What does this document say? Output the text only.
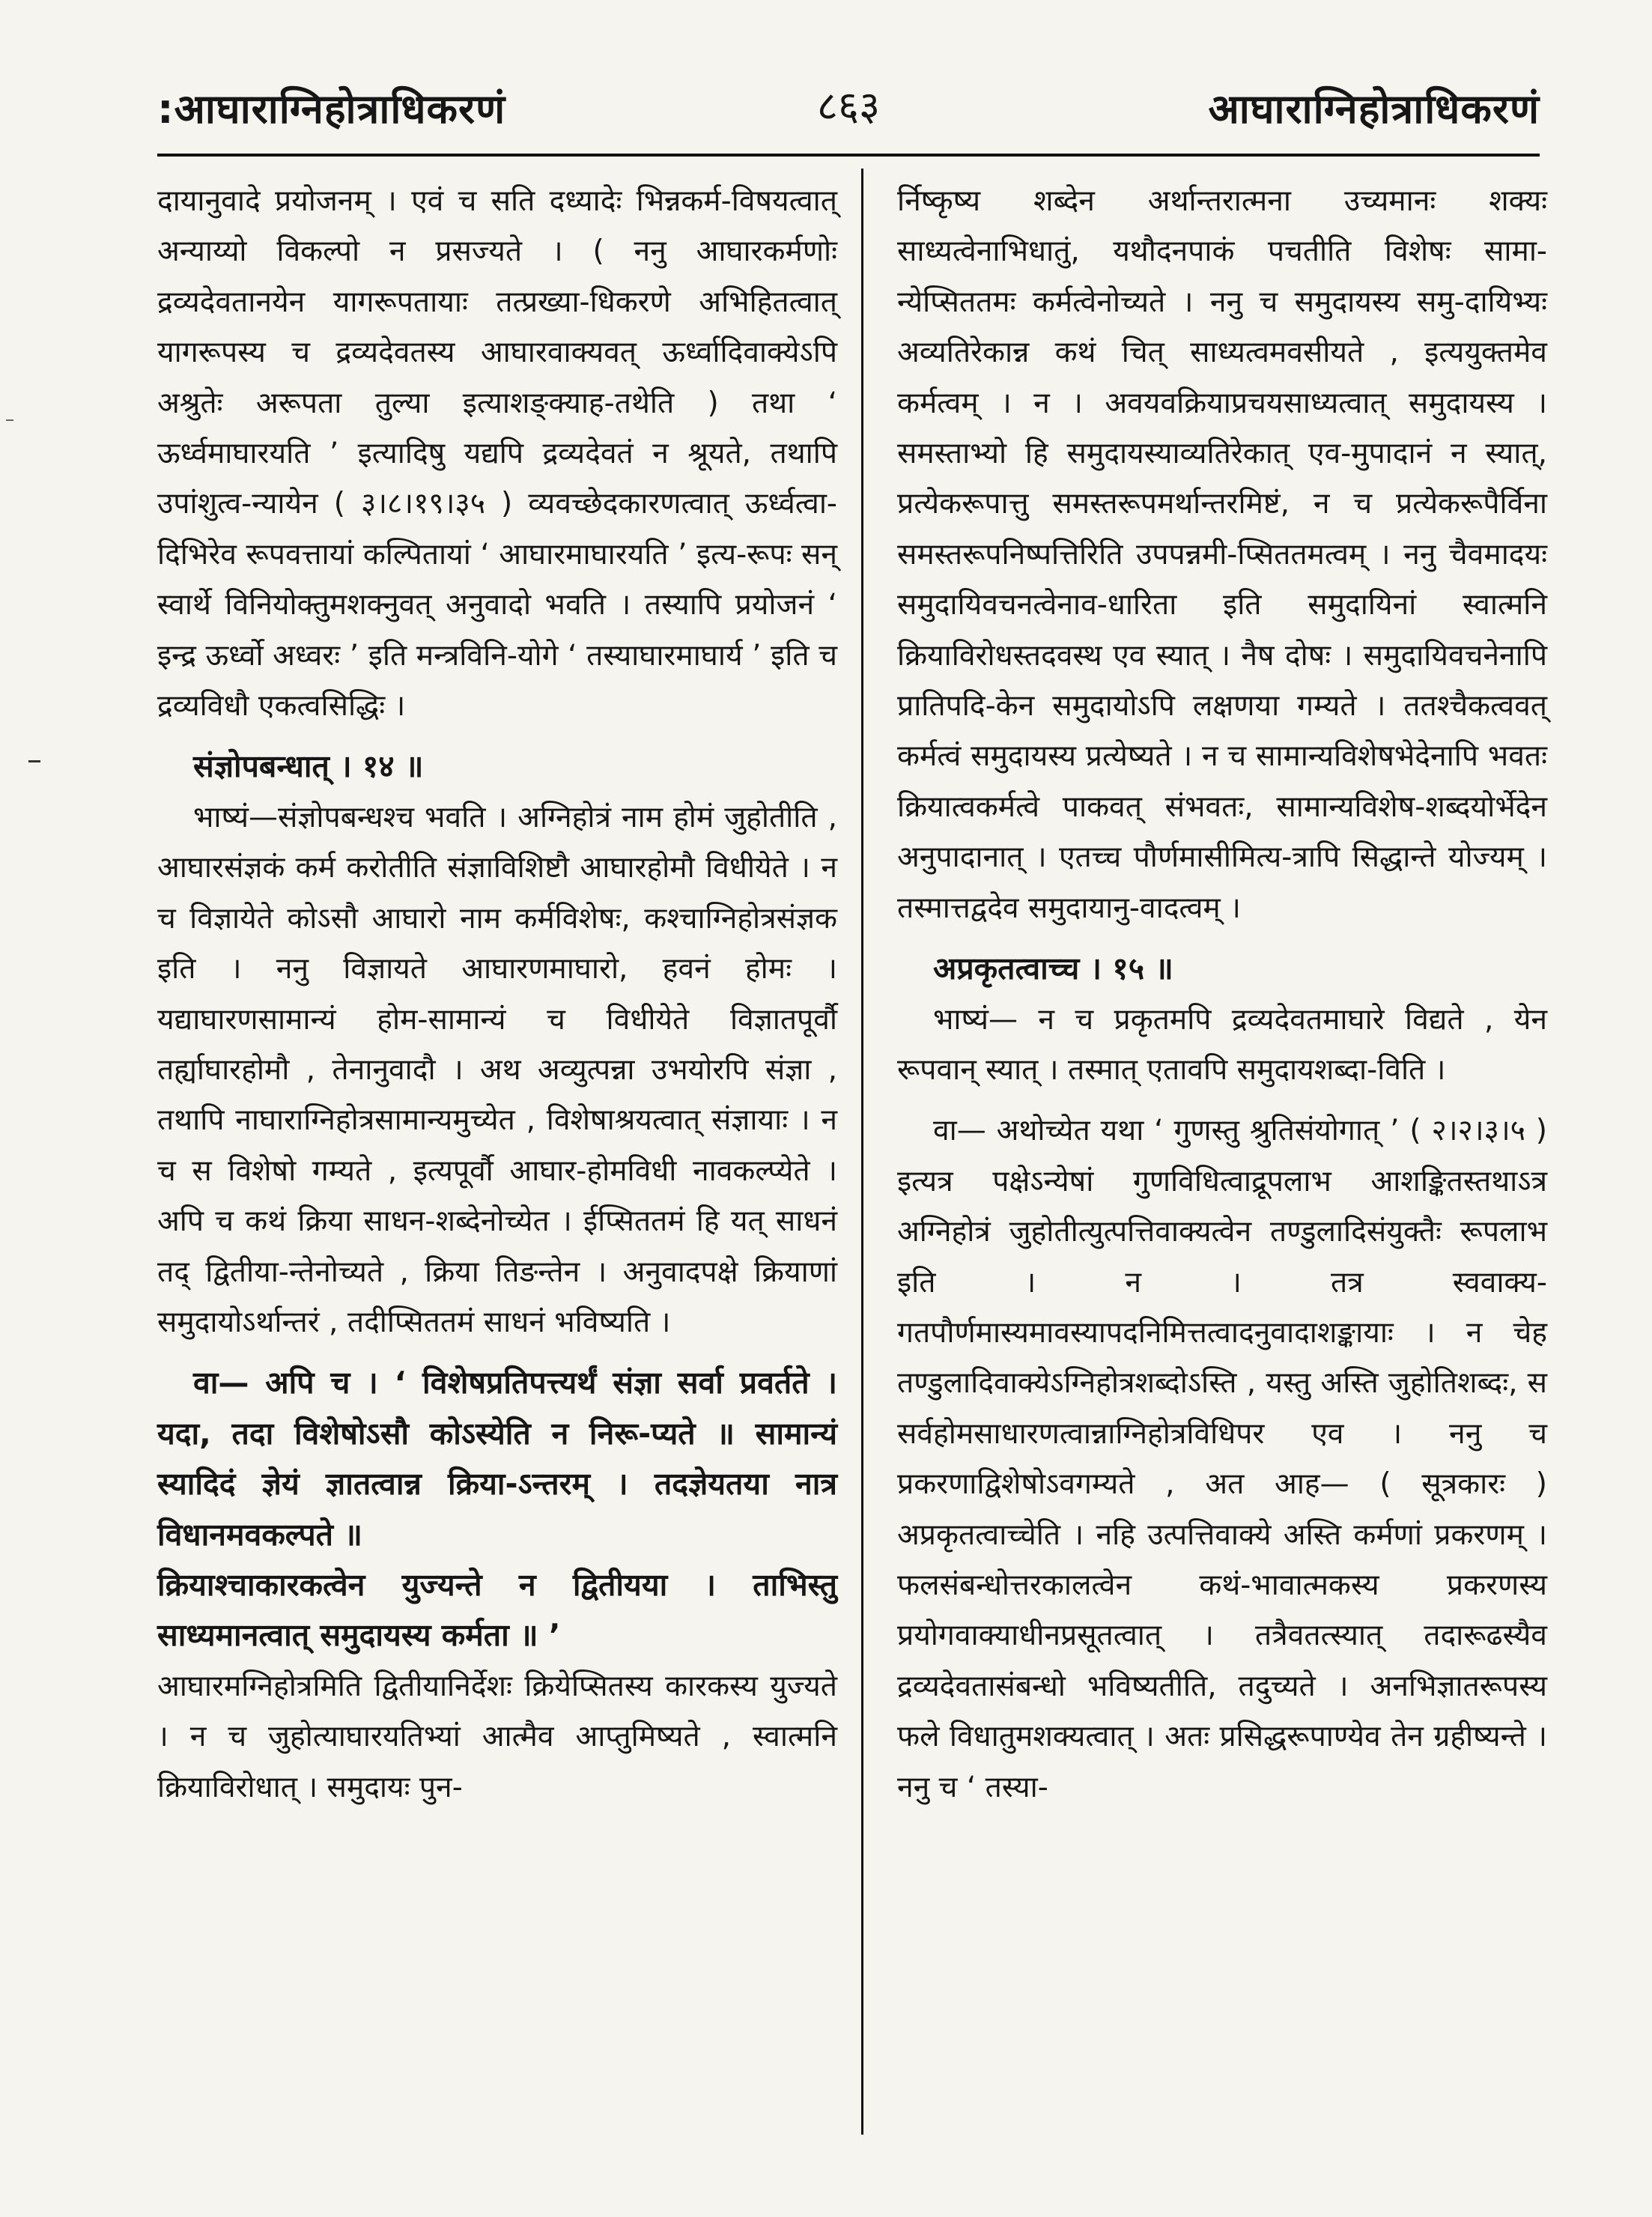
:आघाराग्निहोत्राधिकरणं	८६३	आघाराग्निहोत्राधिकरणं

दायानुवादे प्रयोजनम् । एवं च सति दध्यादेः भिन्नकर्म-विषयत्वात् अन्याय्यो विकल्पो न प्रसज्यते । ( ननु आघारकर्मणोः द्रव्यदेवतानयेन यागरूपतायाः तत्प्रख्या-धिकरणे अभिहितत्वात् यागरूपस्य च द्रव्यदेवतस्य आघारवाक्यवत् ऊर्ध्वादिवाक्येऽपि अश्रुतेः अरूपता तुल्या इत्याशङ्क्याह-तथेति ) तथा ‘ ऊर्ध्वमाघारयति ’ इत्यादिषु यद्यपि द्रव्यदेवतं न श्रूयते, तथापि उपांशुत्व-न्यायेन ( ३।८।१९।३५ ) व्यवच्छेदकारणत्वात् ऊर्ध्वत्वा-दिभिरेव रूपवत्तायां कल्पितायां ‘ आघारमाघारयति ’ इत्य-रूपः सन् स्वार्थे विनियोक्तुमशक्नुवत् अनुवादो भवति । तस्यापि प्रयोजनं ‘ इन्द्र ऊर्ध्वो अध्वरः ’ इति मन्त्रविनि-योगे ‘ तस्याघारमाघार्य ’ इति च द्रव्यविधौ एकत्वसिद्धिः ।

संज्ञोपबन्धात् । १४ ॥

भाष्यं—संज्ञोपबन्धश्च भवति । अग्निहोत्रं नाम होमं जुहोतीति , आघारसंज्ञकं कर्म करोतीति संज्ञाविशिष्टौ आघारहोमौ विधीयेते । न च विज्ञायेते कोऽसौ आघारो नाम कर्मविशेषः, कश्चाग्निहोत्रसंज्ञक इति । ननु विज्ञायते आघारणमाघारो, हवनं होमः । यद्याघारणसामान्यं होम-सामान्यं च विधीयेते विज्ञातपूर्वौ तर्ह्याघारहोमौ , तेनानुवादौ । अथ अव्युत्पन्ना उभयोरपि संज्ञा , तथापि नाघाराग्निहोत्रसामान्यमुच्येत , विशेषाश्रयत्वात् संज्ञायाः । न च स विशेषो गम्यते , इत्यपूर्वौ आघार-होमविधी नावकल्प्येते । अपि च कथं क्रिया साधन-शब्देनोच्येत । ईप्सिततमं हि यत् साधनं तद् द्वितीया-न्तेनोच्यते , क्रिया तिङन्तेन । अनुवादपक्षे क्रियाणां समुदायोऽर्थान्तरं , तदीप्सिततमं साधनं भविष्यति ।

वा— अपि च । ‘ विशेषप्रतिपत्त्यर्थं संज्ञा सर्वा प्रवर्तते । यदा, तदा विशेषोऽसौ कोऽस्येति न निरू-प्यते ॥ सामान्यं स्यादिदं ज्ञेयं ज्ञातत्वान्न क्रिया-ऽन्तरम् । तदज्ञेयतया नात्र विधानमवकल्पते ॥

क्रियाश्चाकारकत्वेन युज्यन्ते न द्वितीयया । ताभिस्तु साध्यमानत्वात् समुदायस्य कर्मता ॥ ’

आघारमग्निहोत्रमिति द्वितीयानिर्देशः क्रियेप्सितस्य कारकस्य युज्यते । न च जुहोत्याघारयतिभ्यां आत्मैव आप्तुमिष्यते , स्वात्मनि क्रियाविरोधात् । समुदायः पुन-

र्निष्कृष्य शब्देन अर्थान्तरात्मना उच्यमानः शक्यः साध्यत्वेनाभिधातुं, यथौदनपाकं पचतीति विशेषः सामा-न्येप्सिततमः कर्मत्वेनोच्यते । ननु च समुदायस्य समु-दायिभ्यः अव्यतिरेकान्न कथं चित् साध्यत्वमवसीयते , इत्ययुक्तमेव कर्मत्वम् । न । अवयवक्रियाप्रचयसाध्यत्वात् समुदायस्य । समस्ताभ्यो हि समुदायस्याव्यतिरेकात् एव-मुपादानं न स्यात्, प्रत्येकरूपात्तु समस्तरूपमर्थान्तरमिष्टं, न च प्रत्येकरूपैर्विना समस्तरूपनिष्पत्तिरिति उपपन्नमी-प्सिततमत्वम् । ननु चैवमादयः समुदायिवचनत्वेनाव-धारिता इति समुदायिनां स्वात्मनि क्रियाविरोधस्तदवस्थ एव स्यात् । नैष दोषः । समुदायिवचनेनापि प्रातिपदि-केन समुदायोऽपि लक्षणया गम्यते । ततश्चैकत्ववत् कर्मत्वं समुदायस्य प्रत्येष्यते । न च सामान्यविशेषभेदेनापि भवतः क्रियात्वकर्मत्वे पाकवत् संभवतः, सामान्यविशेष-शब्दयोर्भेदेन अनुपादानात् । एतच्च पौर्णमासीमित्य-त्रापि सिद्धान्ते योज्यम् । तस्मात्तद्वदेव समुदायानु-वादत्वम् ।

अप्रकृतत्वाच्च । १५ ॥

भाष्यं— न च प्रकृतमपि द्रव्यदेवतमाघारे विद्यते , येन रूपवान् स्यात् । तस्मात् एतावपि समुदायशब्दा-विति ।

वा— अथोच्येत यथा ‘ गुणस्तु श्रुतिसंयोगात् ’ ( २।२।३।५ ) इत्यत्र पक्षेऽन्येषां गुणविधित्वाद्रूपलाभ आशङ्कितस्तथाऽत्र अग्निहोत्रं जुहोतीत्युत्पत्तिवाक्यत्वेन तण्डुलादिसंयुक्तैः रूपलाभ इति । न । तत्र स्ववाक्य-गतपौर्णमास्यमावस्यापदनिमित्तत्वादनुवादाशङ्कायाः । न चेह तण्डुलादिवाक्येऽग्निहोत्रशब्दोऽस्ति , यस्तु अस्ति जुहोतिशब्दः, स सर्वहोमसाधारणत्वान्नाग्निहोत्रविधिपर एव । ननु च प्रकरणाद्विशेषोऽवगम्यते , अत आह— ( सूत्रकारः ) अप्रकृतत्वाच्चेति । नहि उत्पत्तिवाक्ये अस्ति कर्मणां प्रकरणम् । फलसंबन्धोत्तरकालत्वेन कथं-भावात्मकस्य प्रकरणस्य प्रयोगवाक्याधीनप्रसूतत्वात् । तत्रैवतत्स्यात् तदारूढस्यैव द्रव्यदेवतासंबन्धो भविष्यतीति, तदुच्यते । अनभिज्ञातरूपस्य फले विधातुमशक्यत्वात् । अतः प्रसिद्धरूपाण्येव तेन ग्रहीष्यन्ते । ननु च ‘ तस्या-
